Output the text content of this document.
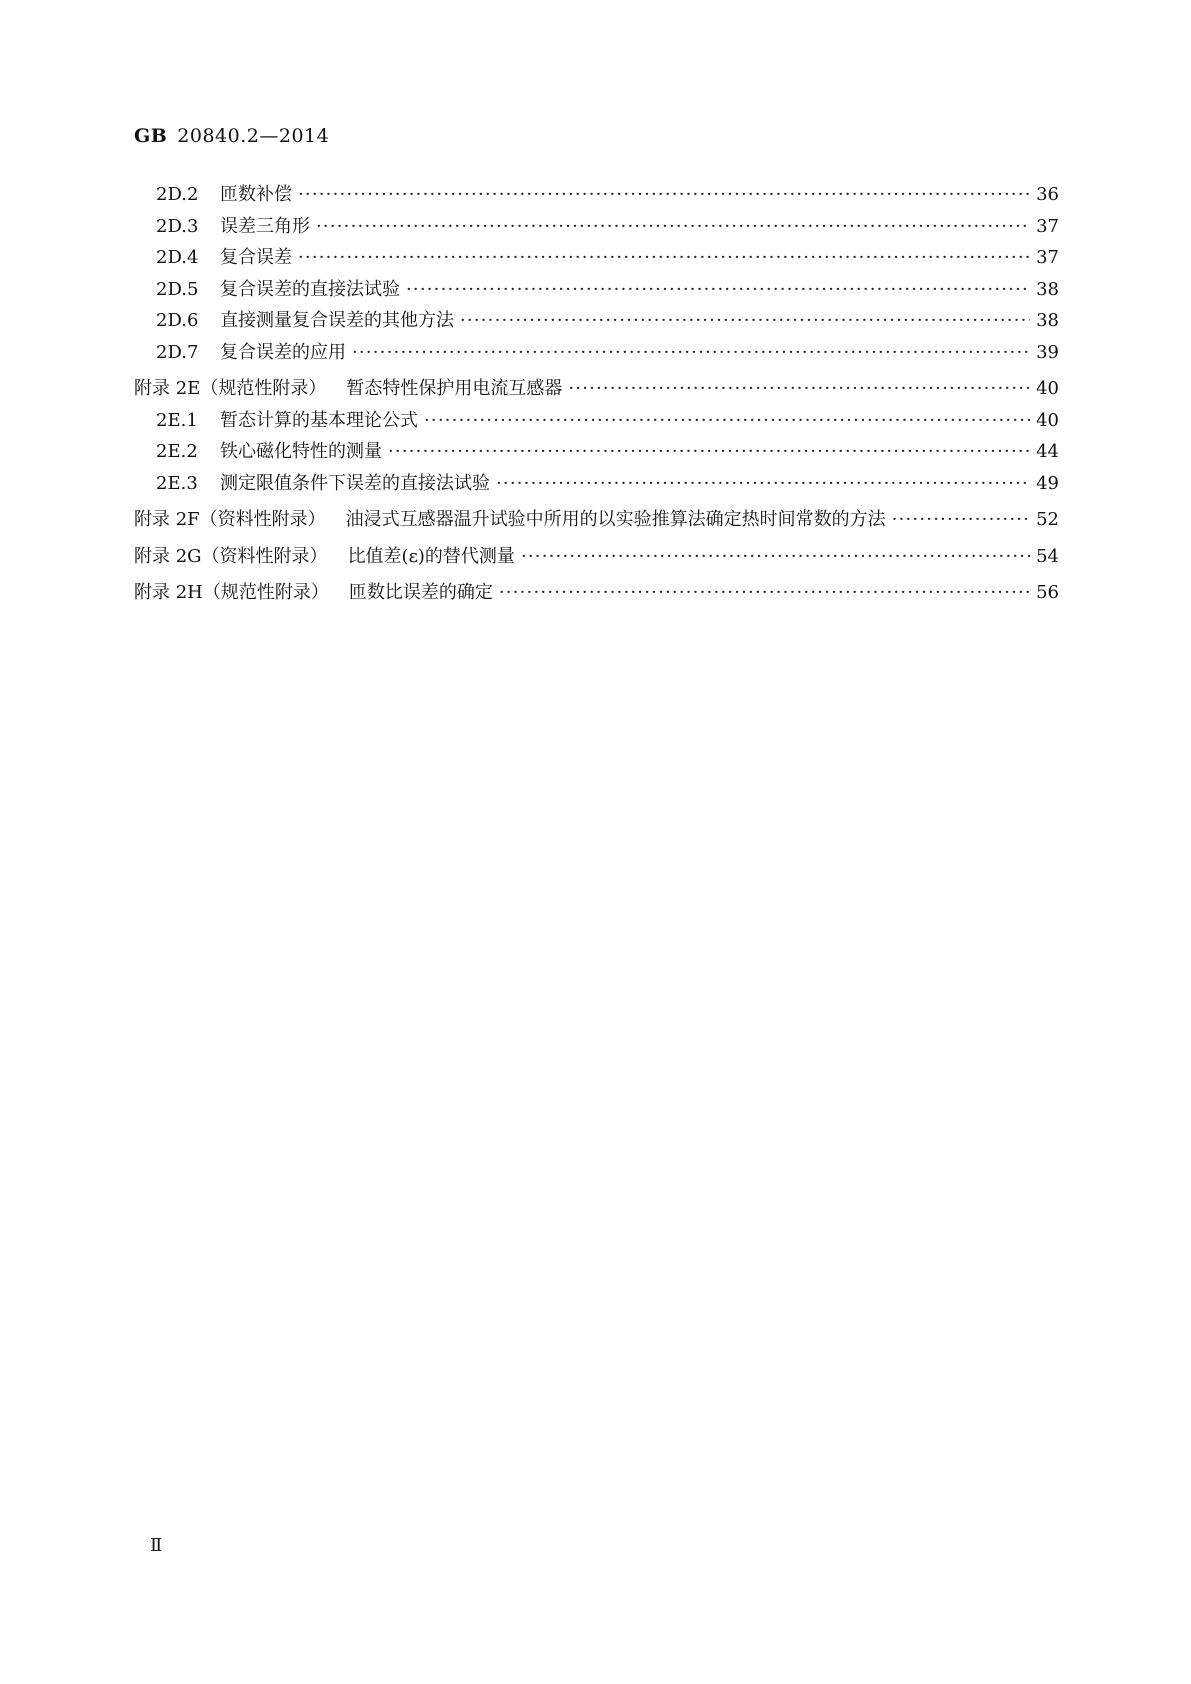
GB 20840.2—2014
2D.2	匝数补偿 ·····	36
2D.3	误差三角形 ·····	37
2D.4	复合误差 ·····	37
2D.5	复合误差的直接法试验 ·····	38
2D.6	直接测量复合误差的其他方法 ·····	38
2D.7	复合误差的应用 ·····	39
附录 2E （规范性附录） 暂态特性保护用电流互感器 ·····	40
2E.1	暂态计算的基本理论公式 ·····	40
2E.2	铁心磁化特性的测量 ·····	44
2E.3	测定限值条件下误差的直接法试验 ·····	49
附录 2F （资料性附录） 油浸式互感器温升试验中所用的以实验推算法确定热时间常数的方法 ·····	52
附录 2G （资料性附录） 比值差(ε)的替代测量 ·····	54
附录 2H （规范性附录） 匝数比误差的确定 ·····	56
Ⅱ
